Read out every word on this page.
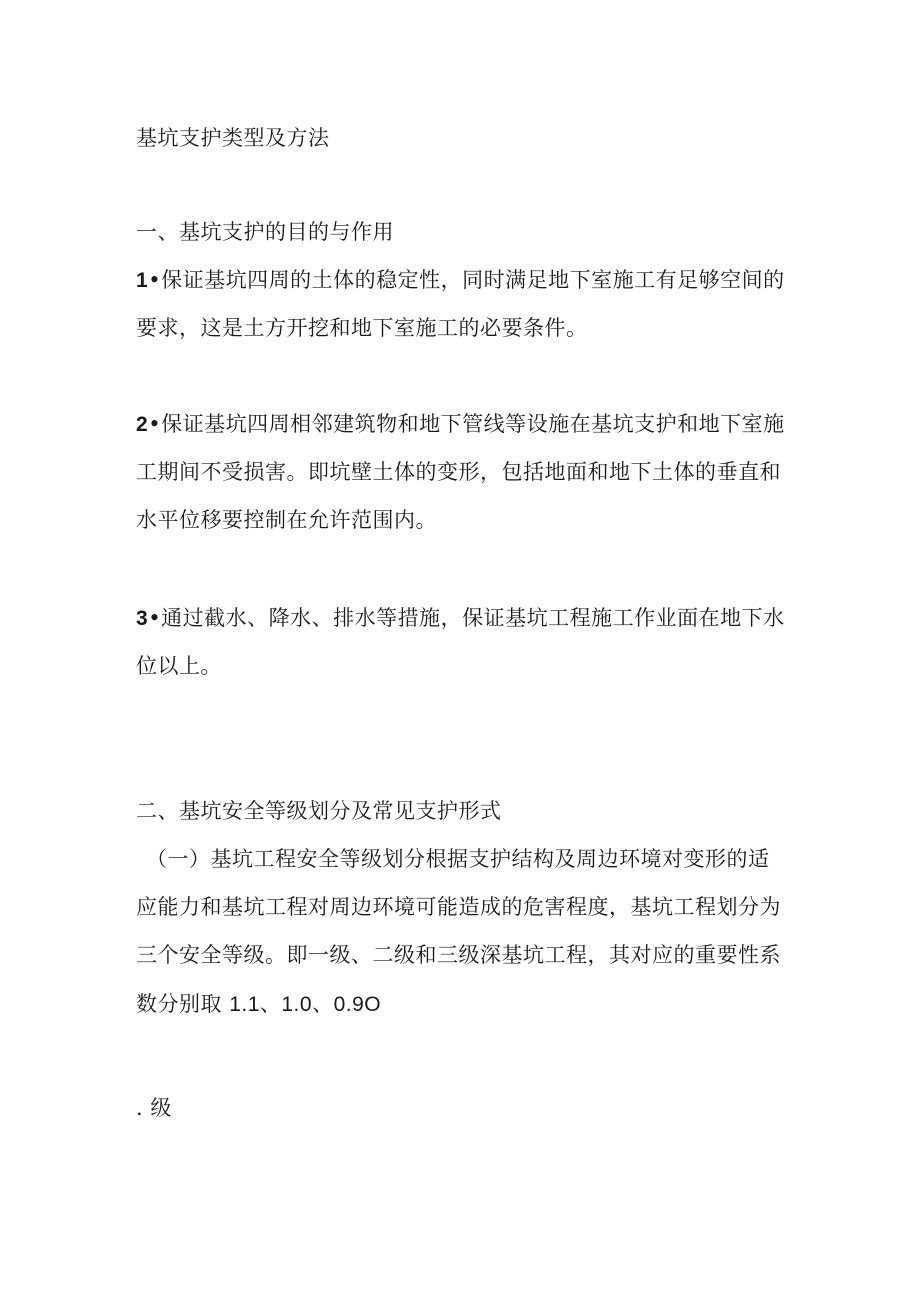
基坑支护类型及方法

一、基坑支护的目的与作用

1•保证基坑四周的土体的稳定性，同时满足地下室施工有足够空间的

要求，这是土方开挖和地下室施工的必要条件。

2•保证基坑四周相邻建筑物和地下管线等设施在基坑支护和地下室施

工期间不受损害。即坑壁土体的变形，包括地面和地下土体的垂直和

水平位移要控制在允许范围内。

3•通过截水、降水、排水等措施，保证基坑工程施工作业面在地下水

位以上。

二、基坑安全等级划分及常见支护形式

（一）基坑工程安全等级划分根据支护结构及周边环境对变形的适

应能力和基坑工程对周边环境可能造成的危害程度，基坑工程划分为

三个安全等级。即一级、二级和三级深基坑工程，其对应的重要性系

数分别取 1.1、1.0、0.9O

. 级
